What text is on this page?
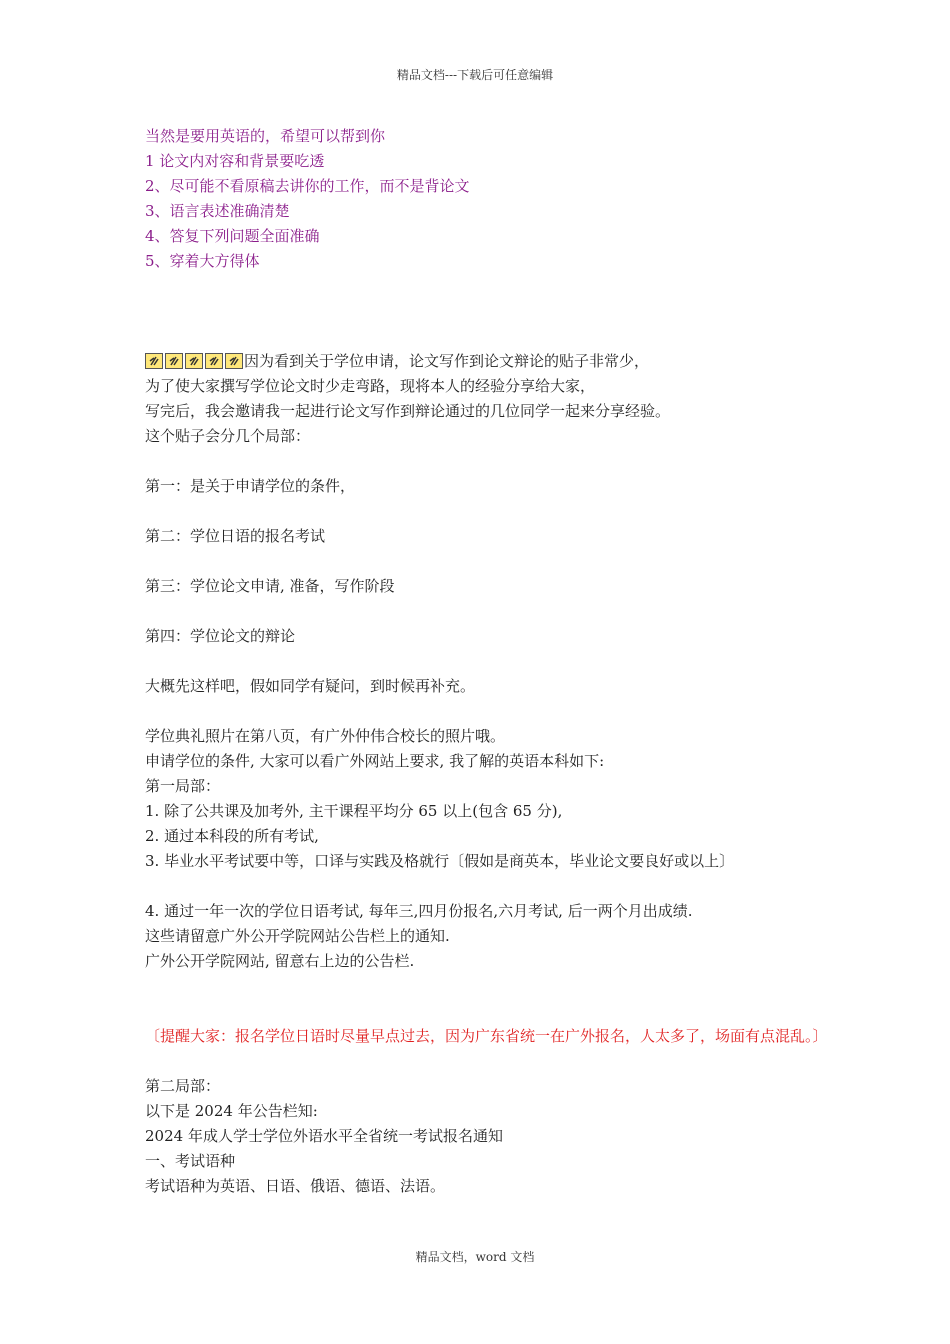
精品文档---下载后可任意编辑
当然是要用英语的，希望可以帮到你
1 论文内对容和背景要吃透
2、尽可能不看原稿去讲你的工作，而不是背论文
3、语言表述准确清楚
4、答复下列问题全面准确
5、穿着大方得体
因为看到关于学位申请，论文写作到论文辩论的贴子非常少，
为了使大家撰写学位论文时少走弯路，现将本人的经验分享给大家，
写完后，我会邀请我一起进行论文写作到辩论通过的几位同学一起来分享经验。
这个贴子会分几个局部：
第一：是关于申请学位的条件，
第二：学位日语的报名考试
第三：学位论文申请, 准备，写作阶段
第四：学位论文的辩论
大概先这样吧，假如同学有疑问，到时候再补充。
学位典礼照片在第八页，有广外仲伟合校长的照片哦。
申请学位的条件, 大家可以看广外网站上要求, 我了解的英语本科如下:
第一局部：
1. 除了公共课及加考外, 主干课程平均分 65 以上(包含 65 分),
2. 通过本科段的所有考试,
3. 毕业水平考试要中等，口译与实践及格就行〔假如是商英本，毕业论文要良好或以上〕
4. 通过一年一次的学位日语考试, 每年三,四月份报名,六月考试, 后一两个月出成绩.
这些请留意广外公开学院网站公告栏上的通知.
广外公开学院网站, 留意右上边的公告栏.
〔提醒大家：报名学位日语时尽量早点过去，因为广东省统一在广外报名，人太多了，场面有点混乱。〕
第二局部：
以下是 2024 年公告栏知:
2024 年成人学士学位外语水平全省统一考试报名通知
一、考试语种
考试语种为英语、日语、俄语、德语、法语。
精品文档，word 文档
